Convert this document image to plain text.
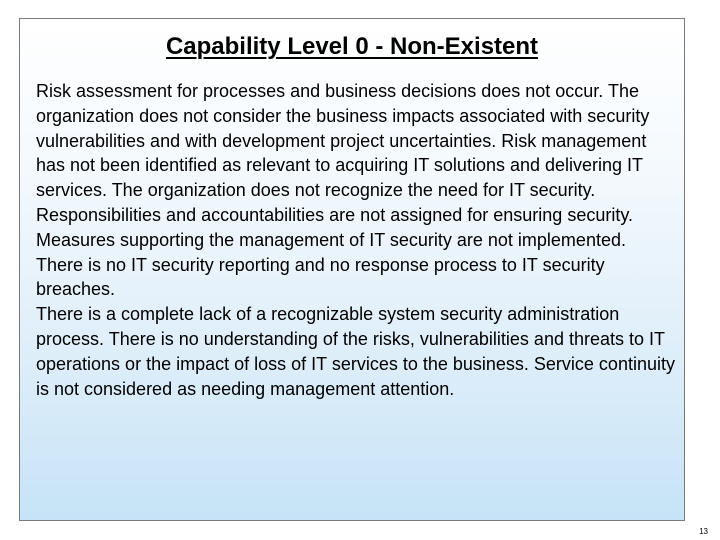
Capability Level 0 - Non-Existent

Risk assessment for processes and business decisions does not occur. The organization does not consider the business impacts associated with security vulnerabilities and with development project uncertainties. Risk management has not been identified as relevant to acquiring IT solutions and delivering IT services. The organization does not recognize the need for IT security.

Responsibilities and accountabilities are not assigned for ensuring security. Measures supporting the management of IT security are not implemented. There is no IT security reporting and no response process to IT security breaches.

There is a complete lack of a recognizable system security administration process. There is no understanding of the risks, vulnerabilities and threats to IT operations or the impact of loss of IT services to the business. Service continuity is not considered as needing management attention.

13
